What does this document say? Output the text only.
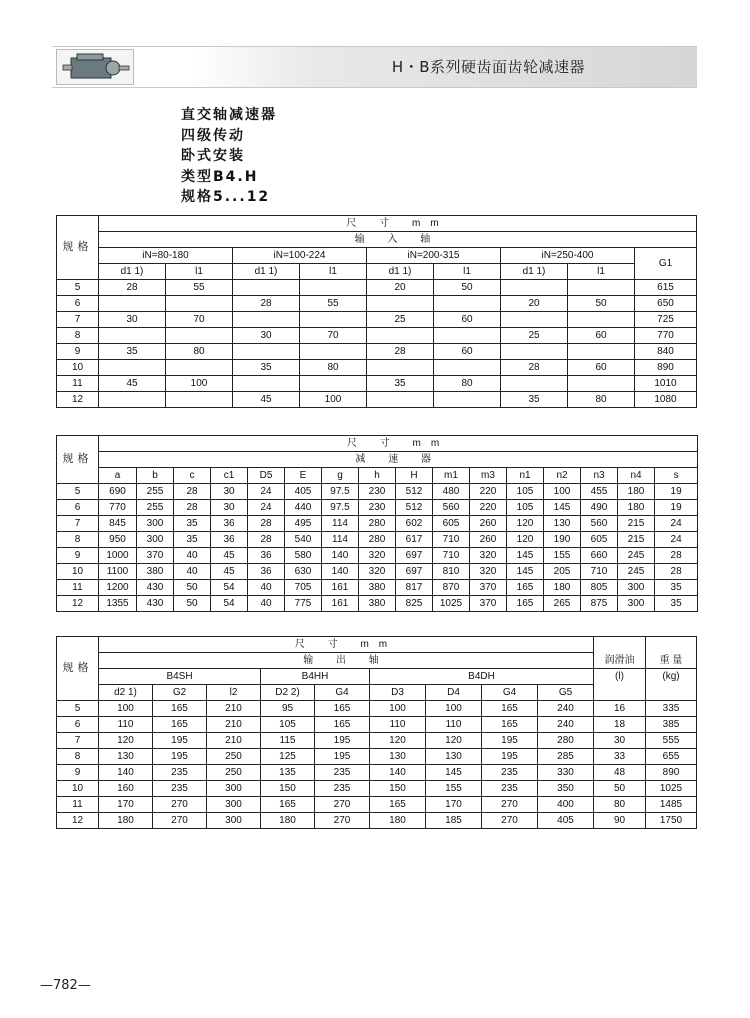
H・B系列硬齿面齿轮减速器
直交轴减速器
四级传动
卧式安装
类型B4.H
规格5...12
规格	尺 寸 mm								
	输 入 轴								
	iN=80-180		iN=100-224		iN=200-315		iN=250-400		G1
	d1 1)	l1	d1 1)	l1	d1 1)	l1	d1 1)	l1	
5	28	55			20	50			615
6			28	55			20	50	650
7	30	70			25	60			725
8			30	70			25	60	770
9	35	80			28	60			840
10			35	80			28	60	890
11	45	100			35	80			1010
12			45	100			35	80	1080
规格	尺 寸 mm															
	减 速 器															
	a	b	c	c1	D5	E	g	h	H	m1	m3	n1	n2	n3	n4	s
5	690	255	28	30	24	405	97.5	230	512	480	220	105	100	455	180	19
6	770	255	28	30	24	440	97.5	230	512	560	220	105	145	490	180	19
7	845	300	35	36	28	495	114	280	602	605	260	120	130	560	215	24
8	950	300	35	36	28	540	114	280	617	710	260	120	190	605	215	24
9	1000	370	40	45	36	580	140	320	697	710	320	145	155	660	245	28
10	1100	380	40	45	36	630	140	320	697	810	320	145	205	710	245	28
11	1200	430	50	54	40	705	161	380	817	870	370	165	180	805	300	35
12	1355	430	50	54	40	775	161	380	825	1025	370	165	265	875	300	35
规格	尺 寸 mm									润滑油	重 量
	输 出 轴										
	B4SH			B4HH		B4DH				(l)	(kg)
	d2 1)	G2	l2	D2 2)	G4	D3	D4	G4	G5		
5	100	165	210	95	165	100	100	165	240	16	335
6	110	165	210	105	165	110	110	165	240	18	385
7	120	195	210	115	195	120	120	195	280	30	555
8	130	195	250	125	195	130	130	195	285	33	655
9	140	235	250	135	235	140	145	235	330	48	890
10	160	235	300	150	235	150	155	235	350	50	1025
11	170	270	300	165	270	165	170	270	400	80	1485
12	180	270	300	180	270	180	185	270	405	90	1750
— 782 —
